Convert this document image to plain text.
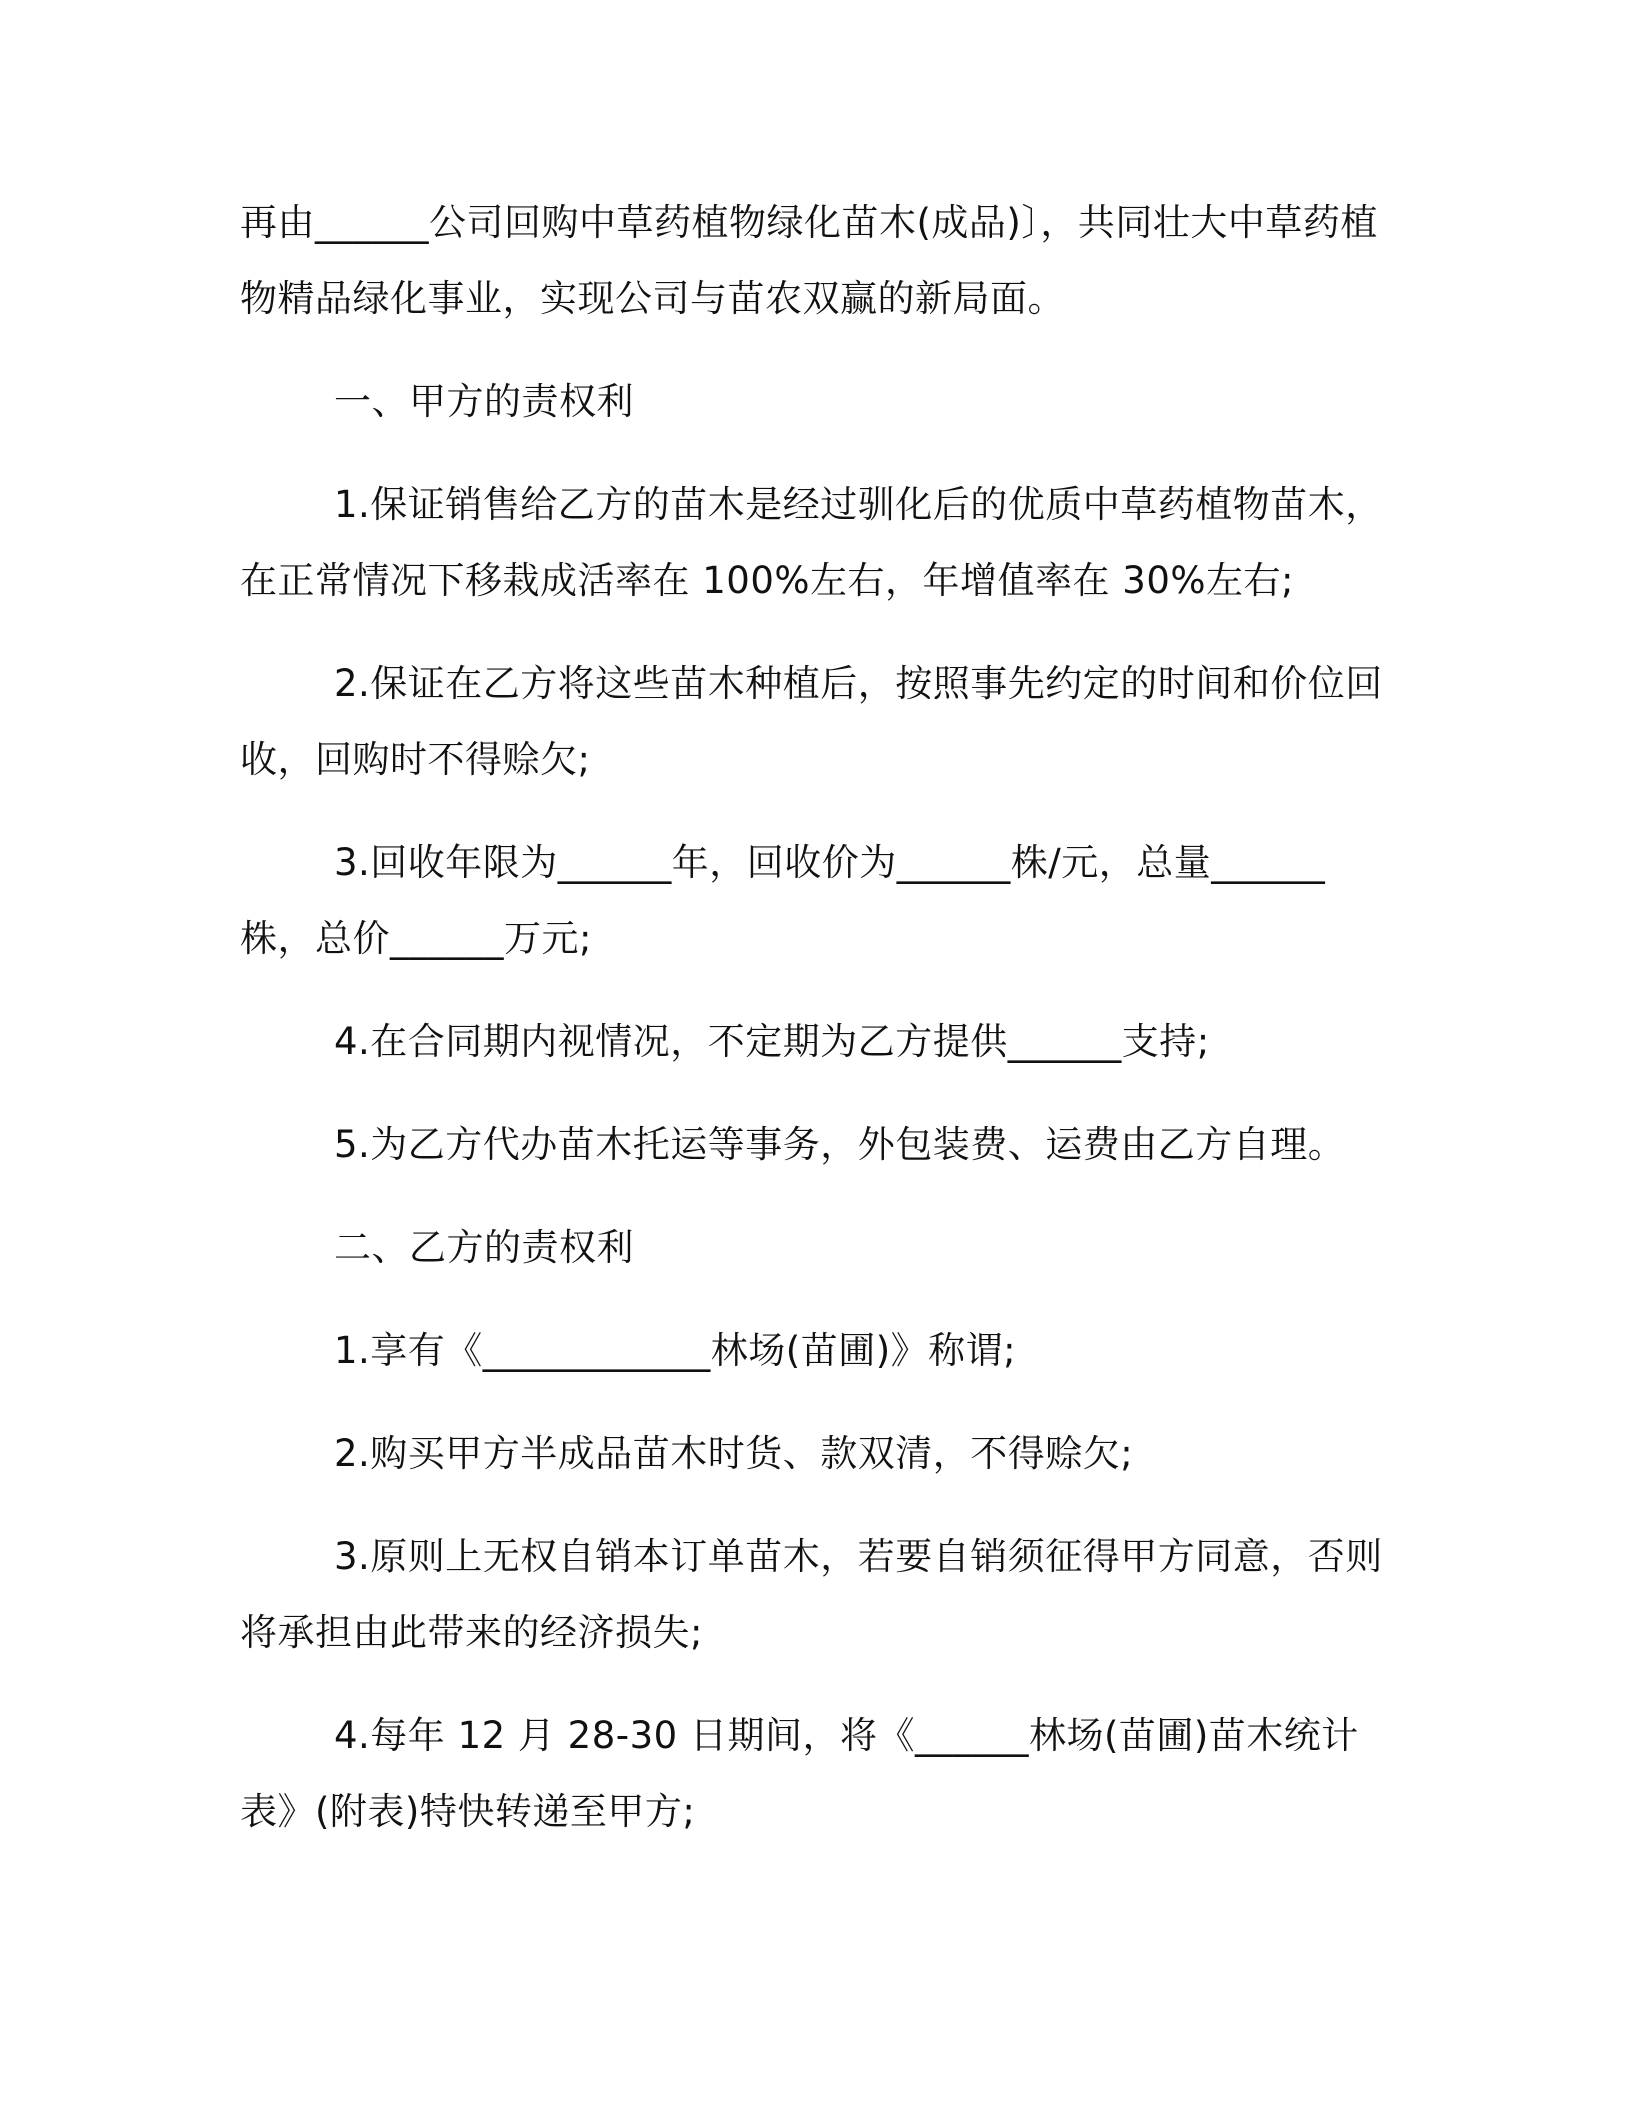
再由______公司回购中草药植物绿化苗木(成品)〕，共同壮大中草药植物精品绿化事业，实现公司与苗农双赢的新局面。

一、甲方的责权利

1.保证销售给乙方的苗木是经过驯化后的优质中草药植物苗木，在正常情况下移栽成活率在 100%左右，年增值率在 30%左右;

2.保证在乙方将这些苗木种植后，按照事先约定的时间和价位回收，回购时不得赊欠;

3.回收年限为______年，回收价为______株/元，总量______株，总价______万元;

4.在合同期内视情况，不定期为乙方提供______支持;

5.为乙方代办苗木托运等事务，外包装费、运费由乙方自理。

二、乙方的责权利

1.享有《____________林场(苗圃)》称谓;

2.购买甲方半成品苗木时货、款双清，不得赊欠;

3.原则上无权自销本订单苗木，若要自销须征得甲方同意，否则将承担由此带来的经济损失;

4.每年 12 月 28-30 日期间，将《______林场(苗圃)苗木统计表》(附表)特快转递至甲方;
